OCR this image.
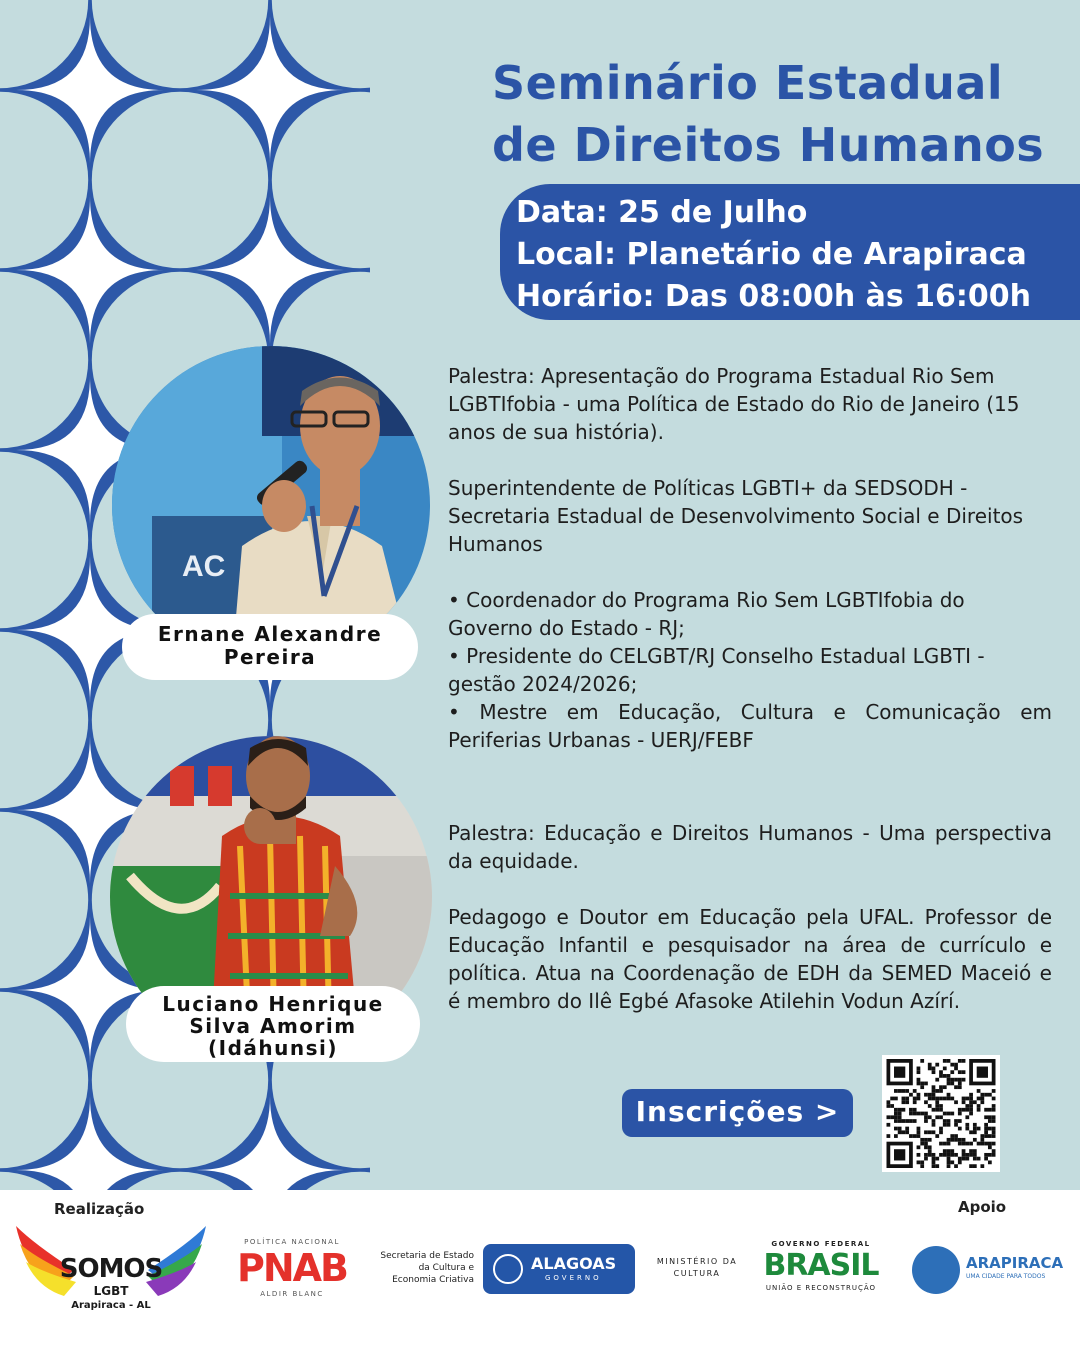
Seminário Estadual
de Direitos Humanos
Data: 25 de Julho
Local: Planetário de Arapiraca
Horário: Das 08:00h às 16:00h
AC
Ernane Alexandre
Pereira

Palestra: Apresentação do Programa Estadual Rio Sem LGBTIfobia - uma Política de Estado do Rio de Janeiro (15 anos de sua história).

Superintendente de Políticas LGBTI+ da SEDSODH - Secretaria Estadual de Desenvolvimento Social e Direitos Humanos

• Coordenador do Programa Rio Sem LGBTIfobia do Governo do Estado - RJ;
• Presidente do CELGBT/RJ Conselho Estadual LGBTI - gestão 2024/2026;
• Mestre em Educação, Cultura e Comunicação em Periferias Urbanas - UERJ/FEBF
Luciano Henrique
Silva Amorim
(Idáhunsi)

Palestra: Educação e Direitos Humanos - Uma perspectiva da equidade.

Pedagogo e Doutor em Educação pela UFAL. Professor de Educação Infantil e pesquisador na área de currículo e política. Atua na Coordenação de EDH da SEMED Maceió e é membro do Ilê Egbé Afasoke Atilehin Vodun Azírí.

Inscrições >
Realização	Apoio
SOMOS
LGBT
Arapiraca - AL
POLÍTICA NACIONAL
PNAB
ALDIR BLANC
Secretaria de Estado
da Cultura e
Economia Criativa
ALAGOAS
GOVERNO
MINISTÉRIO DA
CULTURA
GOVERNO FEDERAL
BRASIL
UNIÃO E RECONSTRUÇÃO
ARAPIRACA
UMA CIDADE PARA TODOS
